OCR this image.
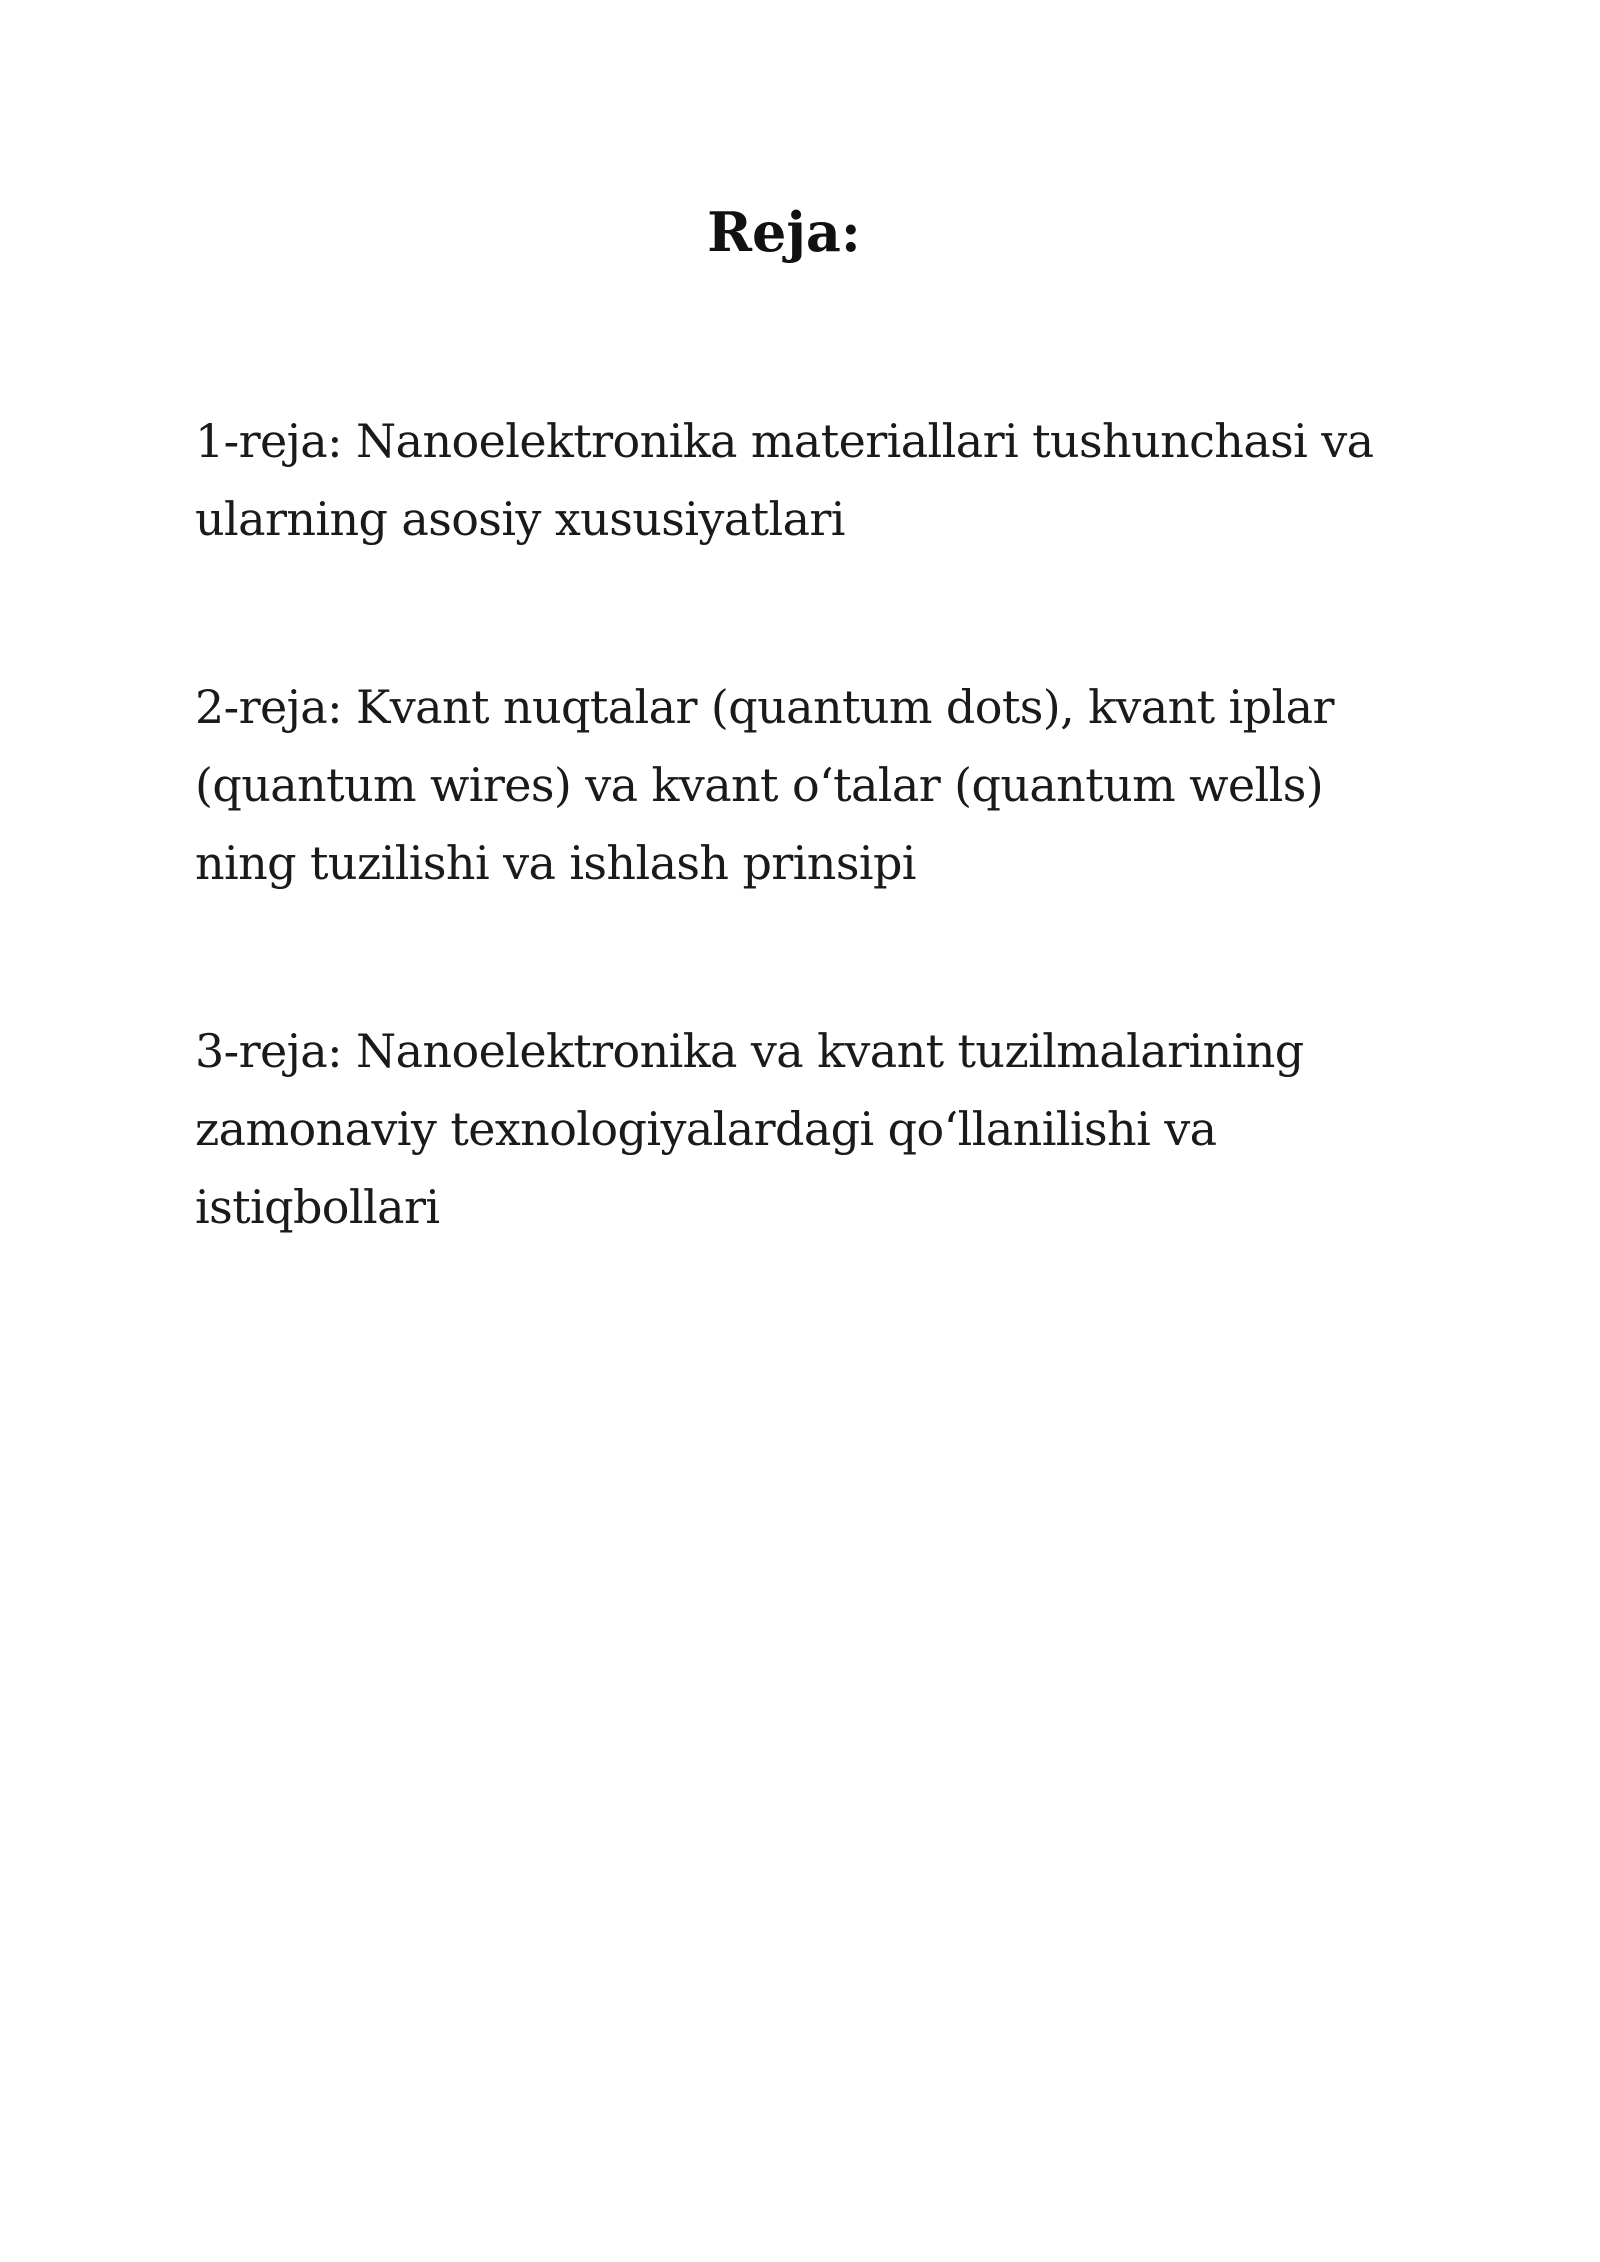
Reja:
1-reja: Nanoelektronika materiallari tushunchasi va
ularning asosiy xususiyatlari
2-reja: Kvant nuqtalar (quantum dots), kvant iplar
(quantum wires) va kvant o‘talar (quantum wells)
ning tuzilishi va ishlash prinsipi
3-reja: Nanoelektronika va kvant tuzilmalarining
zamonaviy texnologiyalardagi qo‘llanilishi va
istiqbollari
